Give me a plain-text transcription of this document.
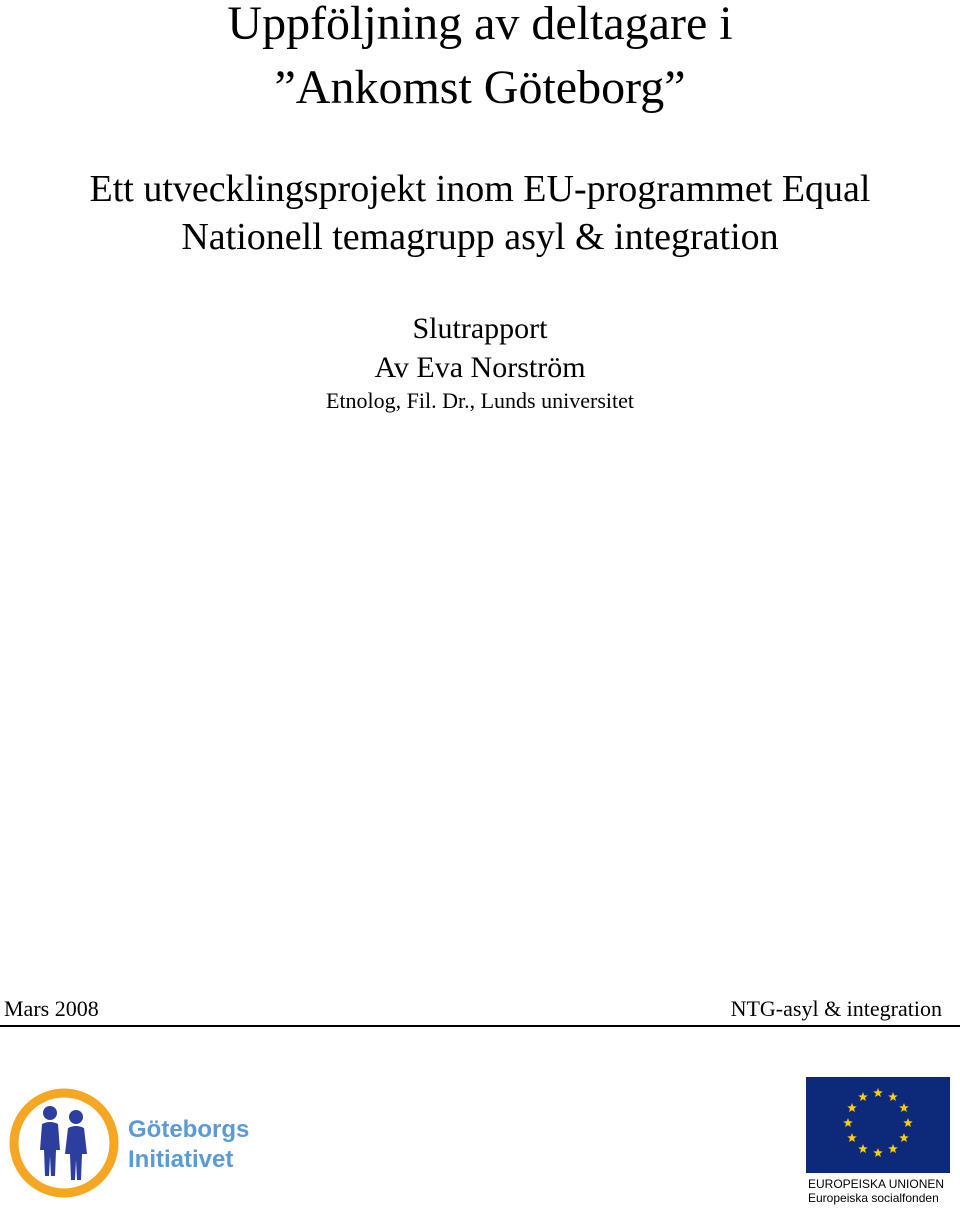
Uppföljning av deltagare i
”Ankomst Göteborg”
Ett utvecklingsprojekt inom EU-programmet Equal
Nationell temagrupp asyl & integration
Slutrapport
Av Eva Norström
Etnolog, Fil. Dr., Lunds universitet
Mars 2008	NTG-asyl & integration
Göteborgs
Initiativet
EUROPEISKA UNIONEN
Europeiska socialfonden
